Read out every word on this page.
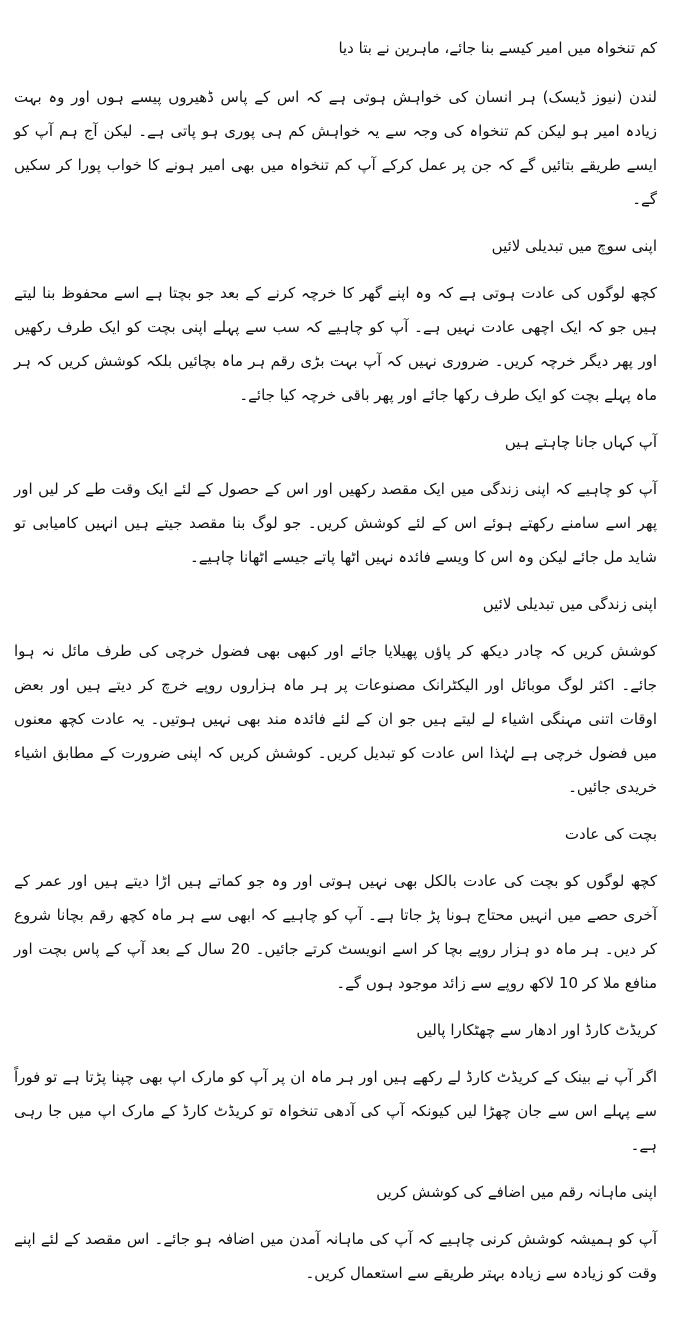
کم تنخواہ میں امیر کیسے بنا جائے، ماہرین نے بتا دیا

لندن (نیوز ڈیسک) ہر انسان کی خواہش ہوتی ہے کہ اس کے پاس ڈھیروں پیسے ہوں اور وہ بہت زیادہ امیر ہو لیکن کم تنخواہ کی وجہ سے یہ خواہش کم ہی پوری ہو پاتی ہے۔ لیکن آج ہم آپ کو ایسے طریقے بتائیں گے کہ جن پر عمل کرکے آپ کم تنخواہ میں بھی امیر ہونے کا خواب پورا کر سکیں گے۔

اپنی سوچ میں تبدیلی لائیں

کچھ لوگوں کی عادت ہوتی ہے کہ وہ اپنے گھر کا خرچہ کرنے کے بعد جو بچتا ہے اسے محفوظ بنا لیتے ہیں جو کہ ایک اچھی عادت نہیں ہے۔ آپ کو چاہیے کہ سب سے پہلے اپنی بچت کو ایک طرف رکھیں اور پھر دیگر خرچہ کریں۔ ضروری نہیں کہ آپ بہت بڑی رقم ہر ماہ بچائیں بلکہ کوشش کریں کہ ہر ماہ پہلے بچت کو ایک طرف رکھا جائے اور پھر باقی خرچہ کیا جائے۔

آپ کہاں جانا چاہتے ہیں

آپ کو چاہیے کہ اپنی زندگی میں ایک مقصد رکھیں اور اس کے حصول کے لئے ایک وقت طے کر لیں اور پھر اسے سامنے رکھتے ہوئے اس کے لئے کوشش کریں۔ جو لوگ بنا مقصد جیتے ہیں انہیں کامیابی تو شاید مل جائے لیکن وہ اس کا ویسے فائدہ نہیں اٹھا پاتے جیسے اٹھانا چاہیے۔

اپنی زندگی میں تبدیلی لائیں

کوشش کریں کہ چادر دیکھ کر پاؤں پھیلایا جائے اور کبھی بھی فضول خرچی کی طرف مائل نہ ہوا جائے۔ اکثر لوگ موبائل اور الیکٹرانک مصنوعات پر ہر ماہ ہزاروں روپے خرچ کر دیتے ہیں اور بعض اوقات اتنی مہنگی اشیاء لے لیتے ہیں جو ان کے لئے فائدہ مند بھی نہیں ہوتیں۔ یہ عادت کچھ معنوں میں فضول خرچی ہے لہٰذا اس عادت کو تبدیل کریں۔ کوشش کریں کہ اپنی ضرورت کے مطابق اشیاء خریدی جائیں۔

بچت کی عادت

کچھ لوگوں کو بچت کی عادت بالکل بھی نہیں ہوتی اور وہ جو کماتے ہیں اڑا دیتے ہیں اور عمر کے آخری حصے میں انہیں محتاج ہونا پڑ جاتا ہے۔ آپ کو چاہیے کہ ابھی سے ہر ماہ کچھ رقم بچانا شروع کر دیں۔ ہر ماہ دو ہزار روپے بچا کر اسے انویسٹ کرتے جائیں۔ 20 سال کے بعد آپ کے پاس بچت اور منافع ملا کر 10 لاکھ روپے سے زائد موجود ہوں گے۔

کریڈٹ کارڈ اور ادھار سے چھٹکارا پالیں

اگر آپ نے بینک کے کریڈٹ کارڈ لے رکھے ہیں اور ہر ماہ ان پر آپ کو مارک اپ بھی چپنا پڑتا ہے تو فوراً سے پہلے اس سے جان چھڑا لیں کیونکہ آپ کی آدھی تنخواہ تو کریڈٹ کارڈ کے مارک اپ میں جا رہی ہے۔

اپنی ماہانہ رقم میں اضافے کی کوشش کریں

آپ کو ہمیشہ کوشش کرنی چاہیے کہ آپ کی ماہانہ آمدن میں اضافہ ہو جائے۔ اس مقصد کے لئے اپنے وقت کو زیادہ سے زیادہ بہتر طریقے سے استعمال کریں۔
